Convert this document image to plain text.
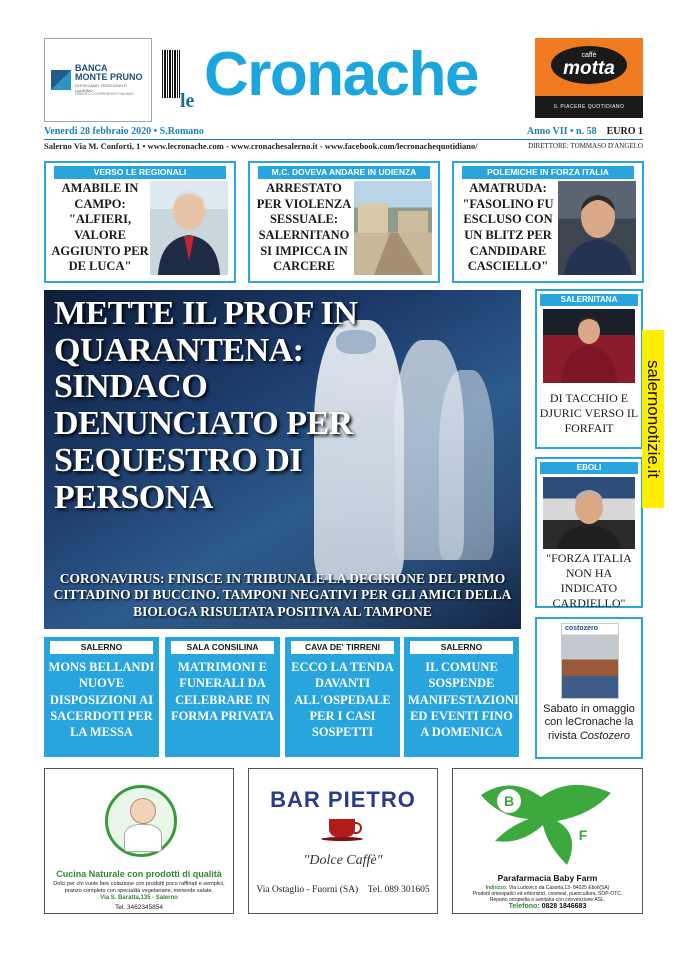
BANCA
MONTE PRUNO
DI FISCIANO, ROSCIGNO E LAURINO
CREDITO COOPERATIVO ITALIANO	le Cronache	caffè
motta
IL PIACERE QUOTIDIANO
Venerdì 28 febbraio 2020 • S.Romano	Anno VII • n. 58 EURO 1
Salerno Via M. Conforti, 1 • www.lecronache.com - www.cronachesalerno.it - www.facebook.com/lecronachequotidiano/	DIRETTORE: TOMMASO D'ANGELO
VERSO LE REGIONALI
AMABILE IN CAMPO: "ALFIERI, VALORE AGGIUNTO PER DE LUCA"
M.C. DOVEVA ANDARE IN UDIENZA
ARRESTATO PER VIOLENZA SESSUALE: SALERNITANO SI IMPICCA IN CARCERE
POLEMICHE IN FORZA ITALIA
AMATRUDA: "FASOLINO FU ESCLUSO CON UN BLITZ PER CANDIDARE CASCIELLO"
METTE IL PROF IN QUARANTENA: SINDACO DENUNCIATO PER SEQUESTRO DI PERSONA
CORONAVIRUS: FINISCE IN TRIBUNALE LA DECISIONE DEL PRIMO CITTADINO DI BUCCINO. TAMPONI NEGATIVI PER GLI AMICI DELLA BIOLOGA RISULTATA POSITIVA AL TAMPONE
SALERNITANA
DI TACCHIO E DJURIC VERSO IL FORFAIT
EBOLI
"FORZA ITALIA NON HA INDICATO CARDIELLO"
costozero
Sabato in omaggio con leCronache la rivista Costozero
salernonotizie.it
SALERNO
MONS BELLANDI NUOVE DISPOSIZIONI AI SACERDOTI PER LA MESSA
SALA CONSILINA
MATRIMONI E FUNERALI DA CELEBRARE IN FORMA PRIVATA
CAVA DE' TIRRENI
ECCO LA TENDA DAVANTI ALL'OSPEDALE PER I CASI SOSPETTI
SALERNO
IL COMUNE SOSPENDE MANIFESTAZIONI ED EVENTI FINO A DOMENICA
Cucina Naturale con prodotti di qualità
Dolci per chi vuole fare colazione con prodotti poco raffinati e semplici, pranzo completo con specialità vegetariane, merende salate.
Via S. Baratta,135 - Salerno
Tel. 3462345854
BAR PIETRO
"Dolce Caffè"
Via Ostaglio - Fuorni (SA) Tel. 089 301605
B
F
Parafarmacia Baby Farm
Indirizzo: Via Ludovico da Casoria,13- 84025 Eboli(SA)
Prodotti omeopatici ed erboristici, cosmesi, puericultura, SOP-OTC.
Reparto ortopedia e sanitaria con convenzione ASL.
Telefono: 0828 1846683
